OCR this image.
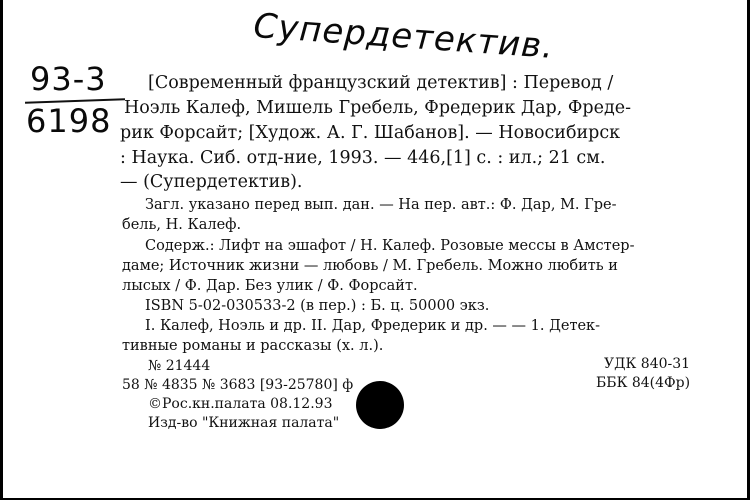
Супердетектив.
93-3
6198
[Современный французский детектив] : Перевод /
Ноэль Калеф, Мишель Гребель, Фредерик Дар, Фреде-
рик Форсайт; [Худож. А. Г. Шабанов]. — Новосибирск
: Наука. Сиб. отд-ние, 1993. — 446,[1] с. : ил.; 21 см.
— (Супердетектив).
Загл. указано перед вып. дан. — На пер. авт.: Ф. Дар, М. Гре-
бель, Н. Калеф.
Содерж.: Лифт на эшафот / Н. Калеф. Розовые мессы в Амстер-
даме; Источник жизни — любовь / М. Гребель. Можно любить и
лысых / Ф. Дар. Без улик / Ф. Форсайт.
ISBN 5-02-030533-2 (в пер.) : Б. ц. 50000 экз.
I. Калеф, Ноэль и др. II. Дар, Фредерик и др. — — 1. Детек-
тивные романы и рассказы (х. л.).
№ 21444
58 № 4835 № 3683 [93-25780] ф
©Рос.кн.палата 08.12.93
Изд-во "Книжная палата"
УДК 840-31
ББК 84(4Фр)
